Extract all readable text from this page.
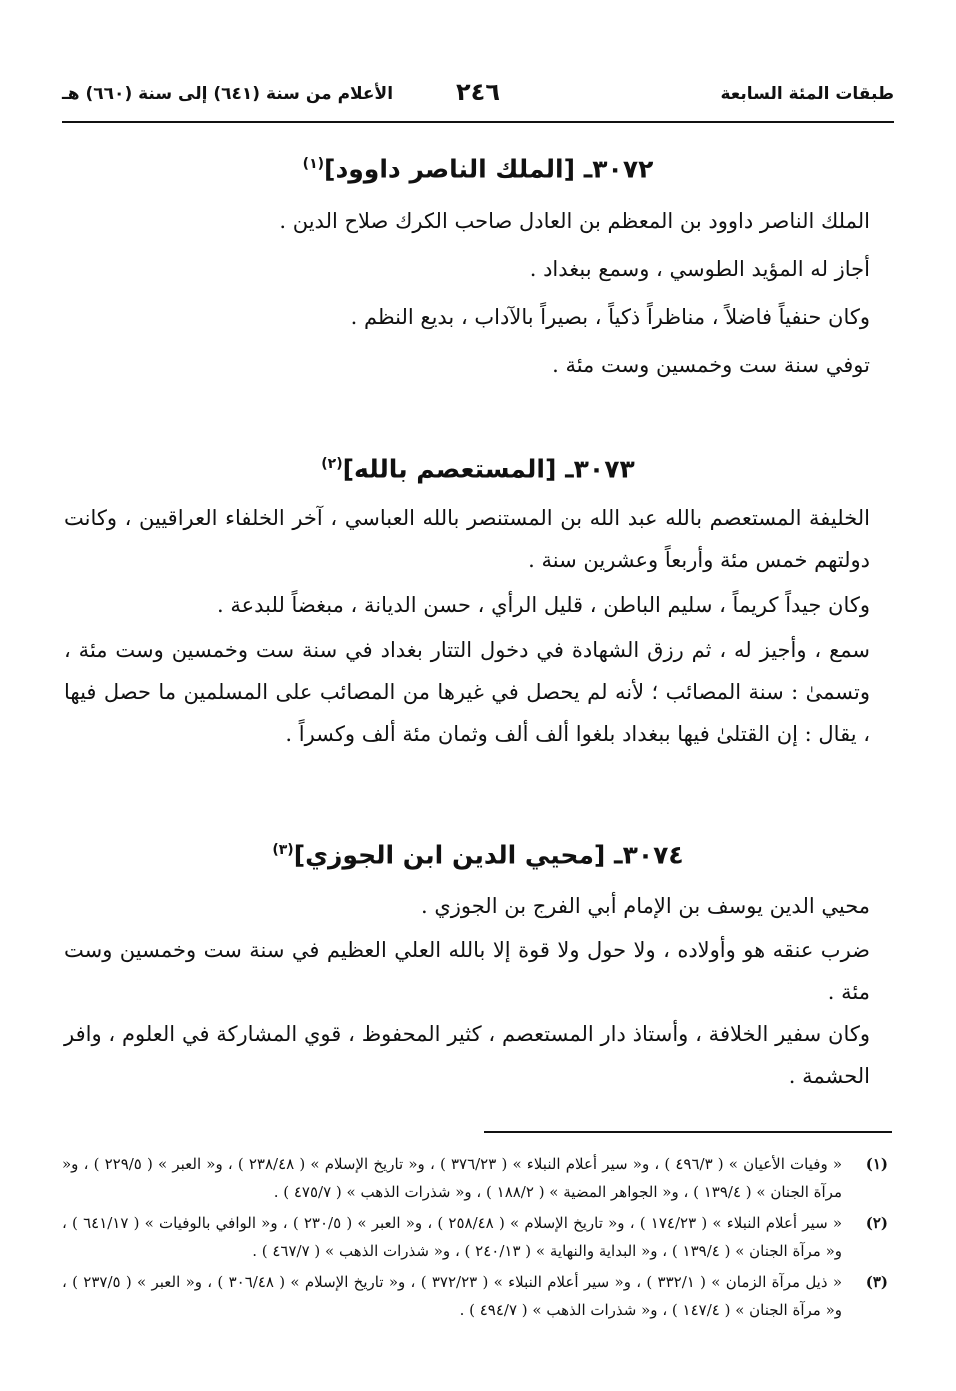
طبقات المئة السابعة
٢٤٦
الأعلام من سنة (٦٤١) إلى سنة (٦٦٠) هـ
٣٠٧٢ـ [الملك الناصر داوود]$^{(١)}$

الملك الناصر داوود بن المعظم بن العادل صاحب الكرك صلاح الدين .

أجاز له المؤيد الطوسي ، وسمع ببغداد .

وكان حنفياً فاضلاً ، مناظراً ذكياً ، بصيراً بالآداب ، بديع النظم .

توفي سنة ست وخمسين وست مئة .

٣٠٧٣ـ [المستعصم بالله]$^{(٢)}$

الخليفة المستعصم بالله عبد الله بن المستنصر بالله العباسي ، آخر الخلفاء العراقيين ، وكانت دولتهم خمس مئة وأربعاً وعشرين سنة .

وكان جيداً كريماً ، سليم الباطن ، قليل الرأي ، حسن الديانة ، مبغضاً للبدعة .

سمع ، وأجيز له ، ثم رزق الشهادة في دخول التتار بغداد في سنة ست وخمسين وست مئة ، وتسمىٰ : سنة المصائب ؛ لأنه لم يحصل في غيرها من المصائب على المسلمين ما حصل فيها ، يقال : إن القتلىٰ فيها ببغداد بلغوا ألف ألف وثمان مئة ألف وكسراً .

٣٠٧٤ـ [محيي الدين ابن الجوزي]$^{(٣)}$

محيي الدين يوسف بن الإمام أبي الفرج بن الجوزي .

ضرب عنقه هو وأولاده ، ولا حول ولا قوة إلا بالله العلي العظيم في سنة ست وخمسين وست مئة .

وكان سفير الخلافة ، وأستاذ دار المستعصم ، كثير المحفوظ ، قوي المشاركة في العلوم ، وافر الحشمة .

(١)
« وفيات الأعيان » ( ٤٩٦/٣ ) ، و« سير أعلام النبلاء » ( ٣٧٦/٢٣ ) ، و« تاريخ الإسلام » ( ٢٣٨/٤٨ ) ، و« العبر » ( ٢٢٩/٥ ) ، و« مرآة الجنان » ( ١٣٩/٤ ) ، و« الجواهر المضية » ( ١٨٨/٢ ) ، و« شذرات الذهب » ( ٤٧٥/٧ ) .
(٢)
« سير أعلام النبلاء » ( ١٧٤/٢٣ ) ، و« تاريخ الإسلام » ( ٢٥٨/٤٨ ) ، و« العبر » ( ٢٣٠/٥ ) ، و« الوافي بالوفيات » ( ٦٤١/١٧ ) ، و« مرآة الجنان » ( ١٣٩/٤ ) ، و« البداية والنهاية » ( ٢٤٠/١٣ ) ، و« شذرات الذهب » ( ٤٦٧/٧ ) .
(٣)
« ذيل مرآة الزمان » ( ٣٣٢/١ ) ، و« سير أعلام النبلاء » ( ٣٧٢/٢٣ ) ، و« تاريخ الإسلام » ( ٣٠٦/٤٨ ) ، و« العبر » ( ٢٣٧/٥ ) ، و« مرآة الجنان » ( ١٤٧/٤ ) ، و« شذرات الذهب » ( ٤٩٤/٧ ) .
